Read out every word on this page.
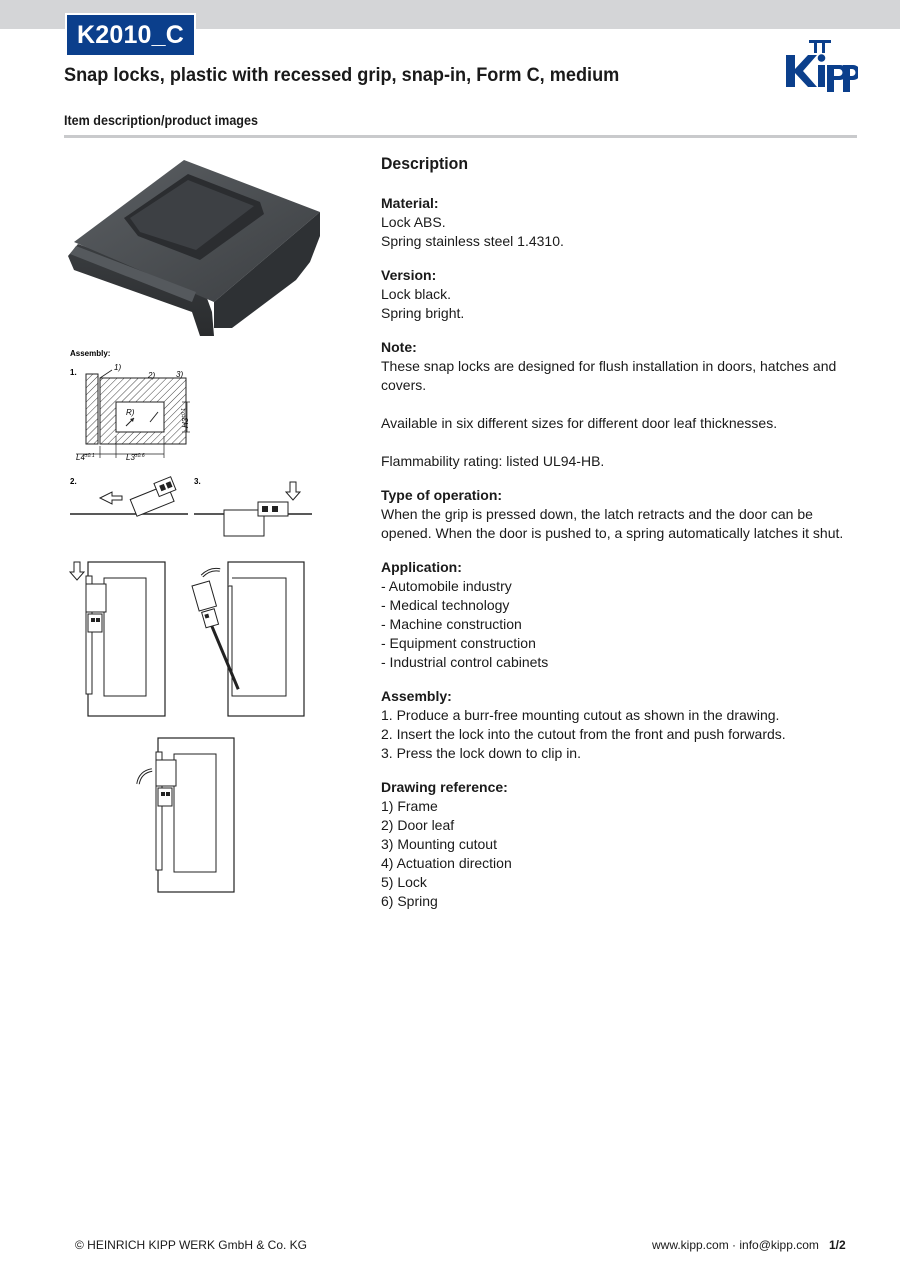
K2010_C
Snap locks, plastic with recessed grip, snap-in, Form C, medium
Item description/product images
Assembly:
1.
R)
1)
2)	3)
$H3^{\pm 0.1}$
$L4^{\pm 0.1}$	$L3^{\pm 0.6}$
2.	3.
Description
Material:
Lock ABS.
Spring stainless steel 1.4310.
Version:
Lock black.
Spring bright.
Note:
These snap locks are designed for flush installation in doors, hatches and covers.
Available in six different sizes for different door leaf thicknesses.
Flammability rating: listed UL94-HB.
Type of operation:
When the grip is pressed down, the latch retracts and the door can be opened. When the door is pushed to, a spring automatically latches it shut.
Application:
- Automobile industry
- Medical technology
- Machine construction
- Equipment construction
- Industrial control cabinets
Assembly:
1. Produce a burr-free mounting cutout as shown in the drawing.
2. Insert the lock into the cutout from the front and push forwards.
3. Press the lock down to clip in.
Drawing reference:
1) Frame
2) Door leaf
3) Mounting cutout
4) Actuation direction
5) Lock
6) Spring
© HEINRICH KIPP WERK GmbH & Co. KG	www.kipp.com · info@kipp.com 1/2
